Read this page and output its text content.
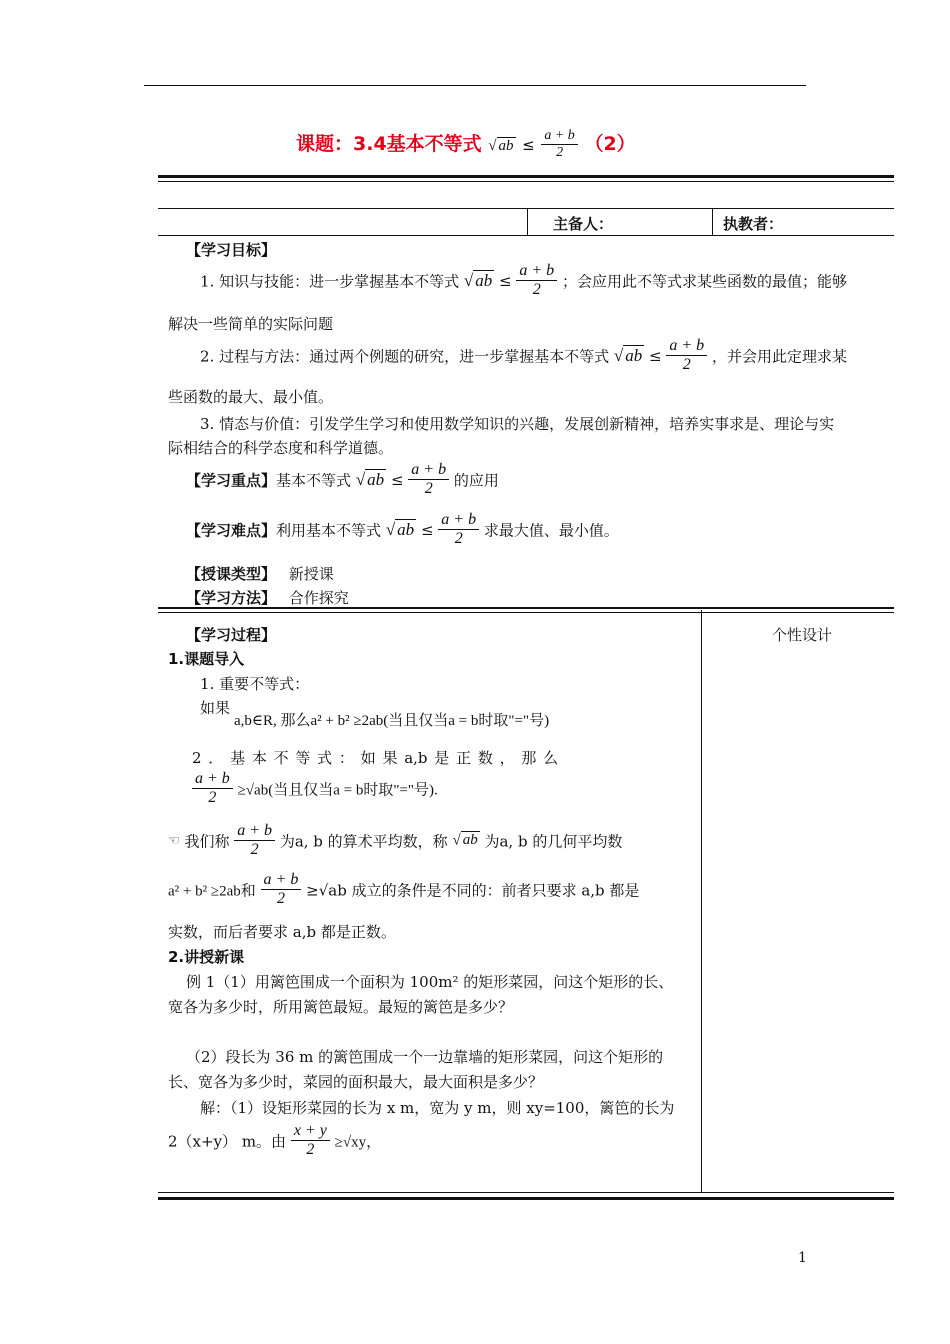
课题：3.4基本不等式 √ ab ≤ $\frac{a + b}{2} (2)$
主备人：	执教者：
【学习目标】
1. 知识与技能：进一步掌握基本不等式 √ ab ≤ $\frac{a + b}{2}$ ；会应用此不等式求某些函数的最值；能够
解决一些简单的实际问题
2. 过程与方法：通过两个例题的研究，进一步掌握基本不等式 √ ab ≤ $\frac{a + b}{2}$ ，并会用此定理求某
些函数的最大、最小值。
3. 情态与价值：引发学生学习和使用数学知识的兴趣，发展创新精神，培养实事求是、理论与实
际相结合的科学态度和科学道德。
【学习重点】基本不等式 √ ab ≤ $\frac{a + b}{2}$ 的应用
【学习难点】利用基本不等式 √ ab ≤ $\frac{a + b}{2}$ 求最大值、最小值。
【授课类型】 新授课
【学习方法】 合作探究
【学习过程】	个性设计
1.课题导入
1. 重要不等式：
如果
a,b∈R, 那么a² + b² ≥2ab(当且仅当a = b时取"="号)
2 ． 基 本 不 等 式 ： 如 果 a,b 是 正 数 ， 那 么
$\frac{a + b}{2} \ge√ab$(当且仅当a = b时取"="号).
☜ 我们称 $\frac{a + b}{2}$ 为a, b 的算术平均数，称 √ ab 为a, b 的几何平均数
a² + b² ≥2ab和 $\frac{a + b}{2} \ge√ab$ 成立的条件是不同的：前者只要求 a,b 都是
实数，而后者要求 a,b 都是正数。
2.讲授新课
例 1（1）用篱笆围成一个面积为 100m² 的矩形菜园，问这个矩形的长、
宽各为多少时，所用篱笆最短。最短的篱笆是多少？
（2）段长为 36 m 的篱笆围成一个一边靠墙的矩形菜园，问这个矩形的
长、宽各为多少时，菜园的面积最大，最大面积是多少？
解：（1）设矩形菜园的长为 x m，宽为 y m，则 xy=100，篱笆的长为
2（x+y） m。由 $\frac{x + y}{2} \ge√xy$，
1
